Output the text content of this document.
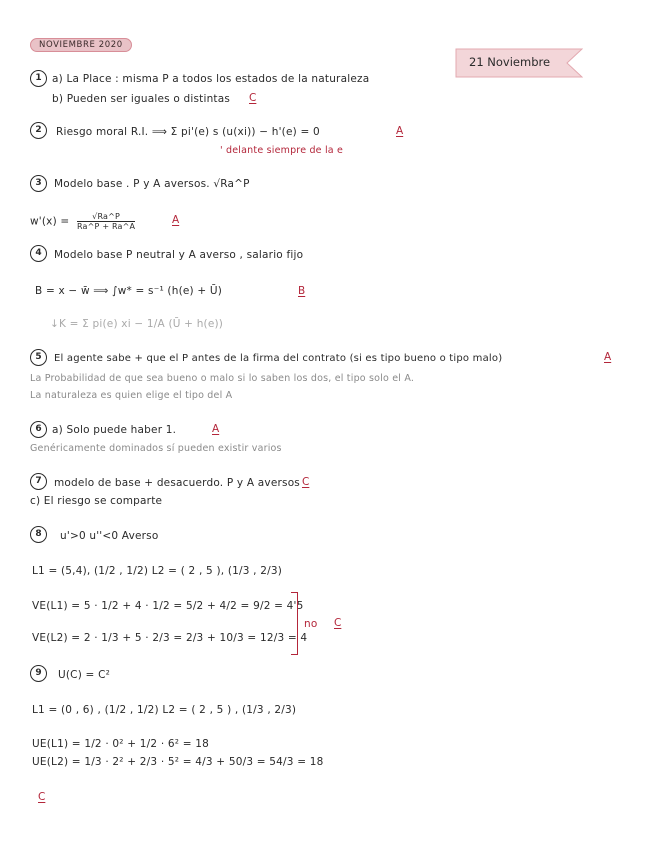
NOVIEMBRE 2020
21 Noviembre
1 a) La Place : misma P a todos los estados de la naturaleza
b) Pueden ser iguales o distintas C
2	Riesgo moral R.I. ⟹ Σ pi'(e) s (u(xi)) − h'(e) = 0	A
' delante siempre de la e
3	Modelo base . P y A aversos. √Ra^P
$w'(x) = \frac{√Ra\^{}P}{Ra\^{}P + Ra\^{}A}$	A
4	Modelo base P neutral y A averso , salario fijo
B = x − w̄ ⟹ ∫w* = s⁻¹ (h(e) + Ū)	B
↓K = Σ pi(e) xi − 1/A (Ū + h(e))
5	El agente sabe + que el P antes de la firma del contrato (si es tipo bueno o tipo malo)	A
La Probabilidad de que sea bueno o malo si lo saben los dos, el tipo solo el A.
La naturaleza es quien elige el tipo del A
6 a) Solo puede haber 1.	A
Genéricamente dominados sí pueden existir varios
7	modelo de base + desacuerdo. P y A aversos C
c) El riesgo se comparte
8	u'>0 u''<0 Averso
L1 = (5,4), (1/2 , 1/2) L2 = ( 2 , 5 ), (1/3 , 2/3)
VE(L1) = 5 · 1/2 + 4 · 1/2 = 5/2 + 4/2 = 9/2 = 4'5
VE(L2) = 2 · 1/3 + 5 · 2/3 = 2/3 + 10/3 = 12/3 = 4
no C
9	U(C) = C²
L1 = (0 , 6) , (1/2 , 1/2) L2 = ( 2 , 5 ) , (1/3 , 2/3)
UE(L1) = 1/2 · 0² + 1/2 · 6² = 18
UE(L2) = 1/3 · 2² + 2/3 · 5² = 4/3 + 50/3 = 54/3 = 18
C
